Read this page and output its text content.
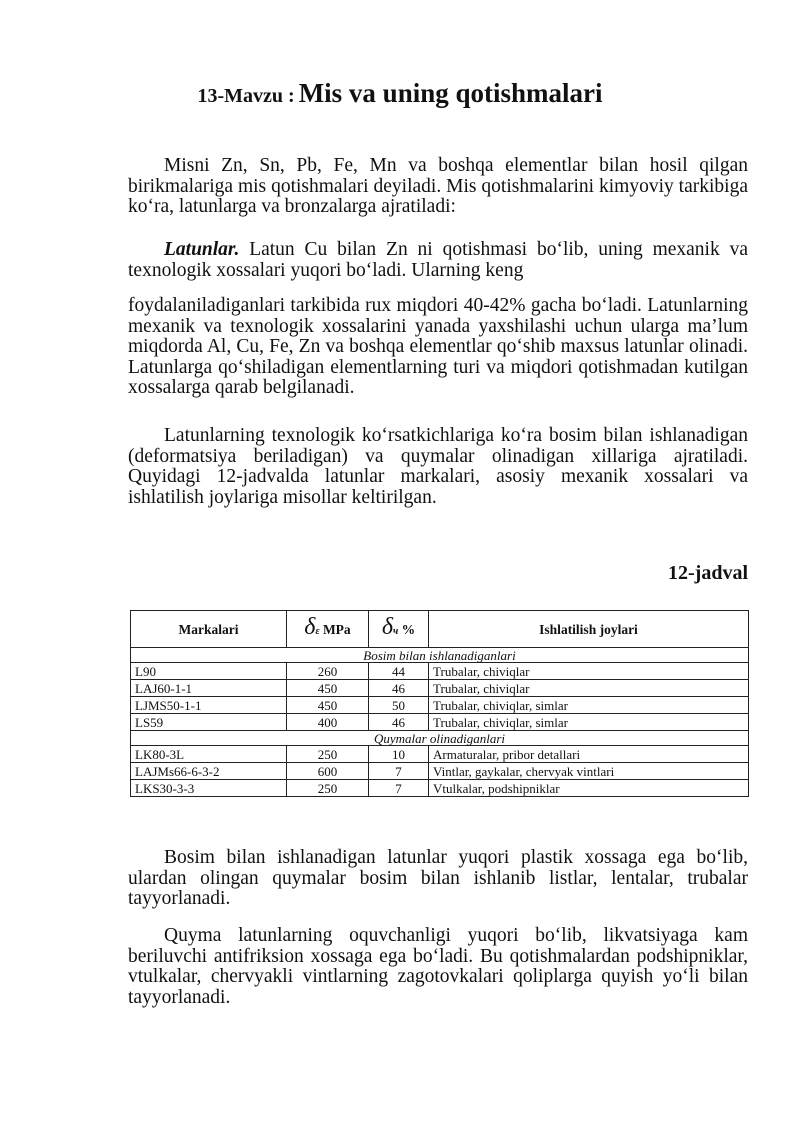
13-Mavzu : Mis va uning qotishmalari

Misni Zn, Sn, Pb, Fe, Mn va boshqa elementlar bilan hosil qilgan birikmalariga mis qotishmalari deyiladi. Mis qotishmalarini kimyoviy tarkibiga ko‘ra, latunlarga va bronzalarga ajratiladi:

Latunlar. Latun Cu bilan Zn ni qotishmasi bo‘lib, uning mexanik va texnologik xossalari yuqori bo‘ladi. Ularning keng

foydalaniladiganlari tarkibida rux miqdori 40-42% gacha bo‘ladi. Latunlarning mexanik va texnologik xossalarini yanada yaxshilashi uchun ularga ma’lum miqdorda Al, Cu, Fe, Zn va boshqa elementlar qo‘shib maxsus latunlar olinadi. Latunlarga qo‘shiladigan elementlarning turi va miqdori qotishmadan kutilgan xossalarga qarab belgilanadi.

Latunlarning texnologik ko‘rsatkichlariga ko‘ra bosim bilan ishlanadigan (deformatsiya beriladigan) va quymalar olinadigan xillariga ajratiladi. Quyidagi 12-jadvalda latunlar markalari, asosiy mexanik xossalari va ishlatilish joylariga misollar keltirilgan.

12-jadval
Markalari	δε MPa	δч %	Ishlatilish joylari
Bosim bilan ishlanadiganlari			
L90	260	44	Trubalar, chiviqlar
LAJ60-1-1	450	46	Trubalar, chiviqlar
LJMS50-1-1	450	50	Trubalar, chiviqlar, simlar
LS59	400	46	Trubalar, chiviqlar, simlar
Quymalar olinadiganlari			
LK80-3L	250	10	Armaturalar, pribor detallari
LAJMs66-6-3-2	600	7	Vintlar, gaykalar, chervyak vintlari
LKS30-3-3	250	7	Vtulkalar, podshipniklar

Bosim bilan ishlanadigan latunlar yuqori plastik xossaga ega bo‘lib, ulardan olingan quymalar bosim bilan ishlanib listlar, lentalar, trubalar tayyorlanadi.

Quyma latunlarning oquvchanligi yuqori bo‘lib, likvatsiyaga kam beriluvchi antifriksion xossaga ega bo‘ladi. Bu qotishmalardan podshipniklar, vtulkalar, chervyakli vintlarning zagotovkalari qoliplarga quyish yo‘li bilan tayyorlanadi.
